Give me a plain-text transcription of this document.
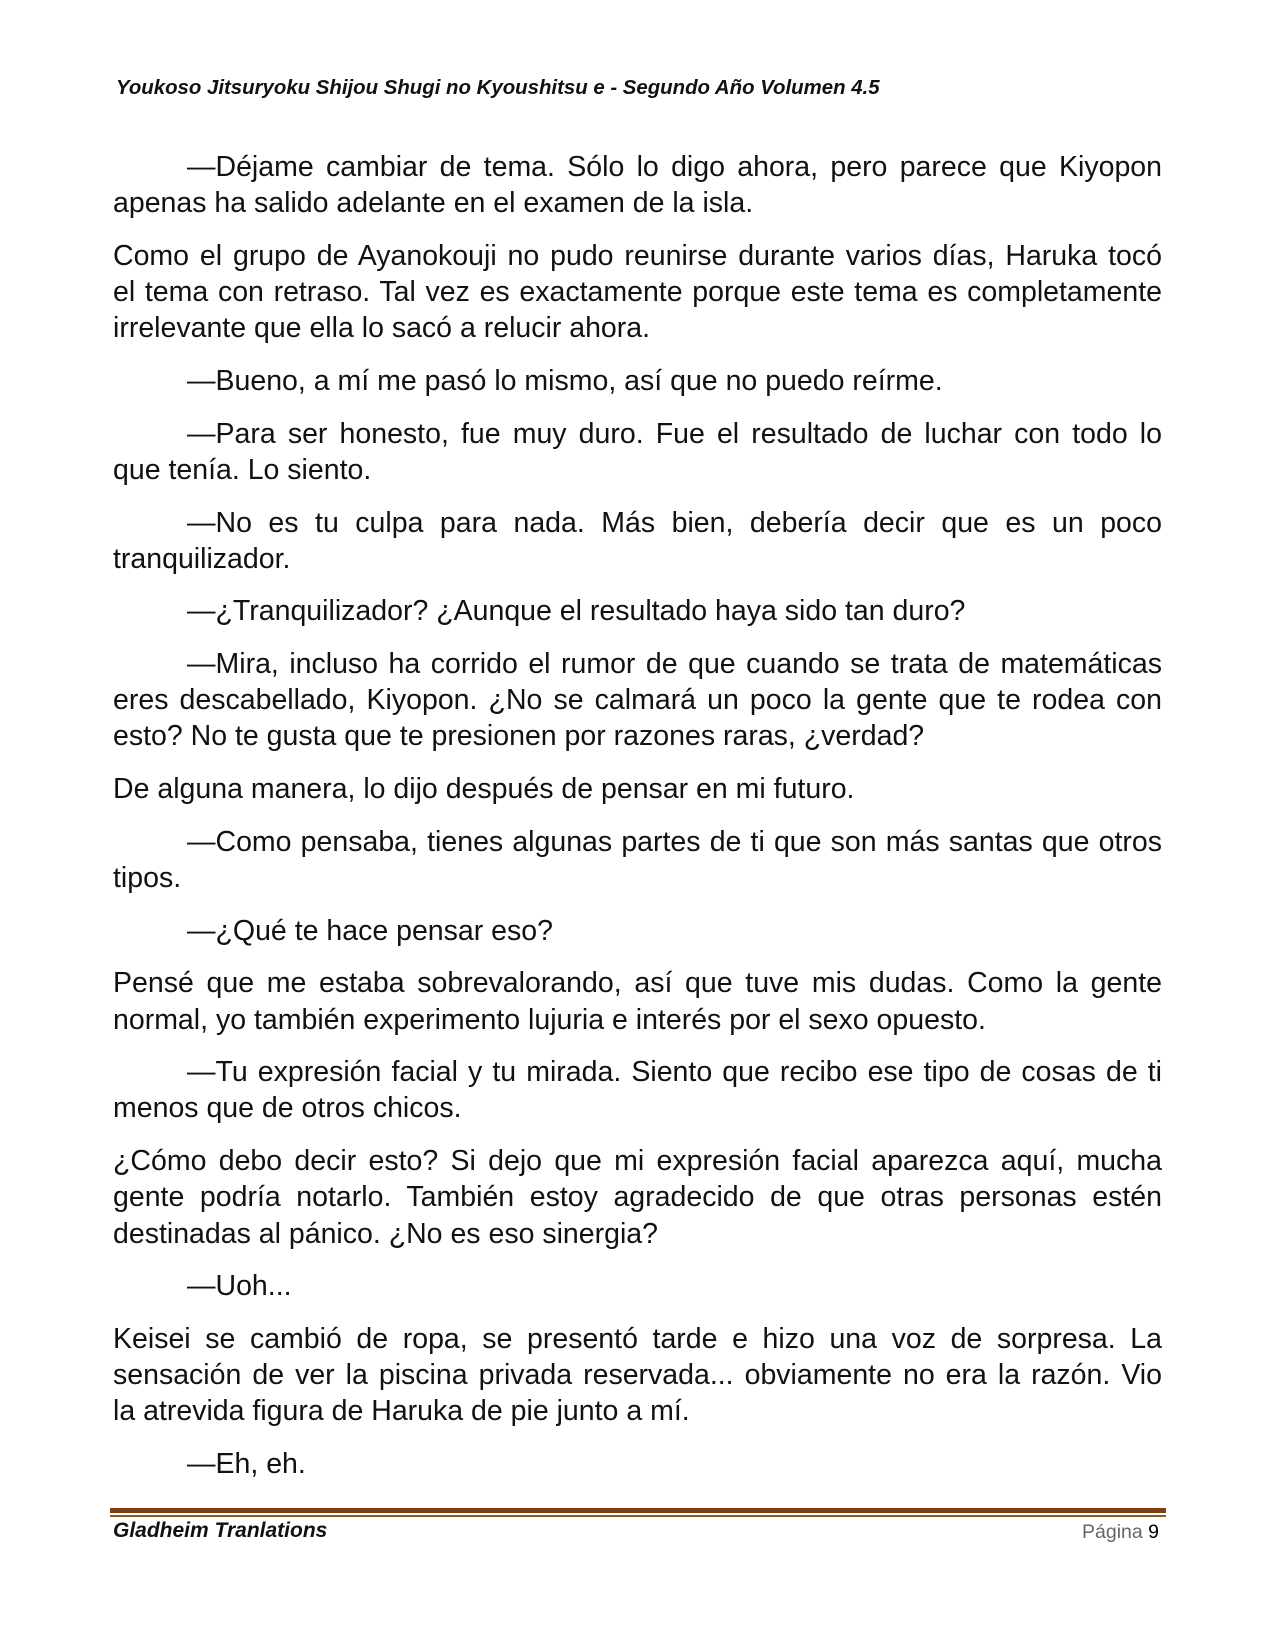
Youkoso Jitsuryoku Shijou Shugi no Kyoushitsu e - Segundo Año Volumen 4.5
—Déjame cambiar de tema. Sólo lo digo ahora, pero parece que Kiyopon
apenas ha salido adelante en el examen de la isla.
Como el grupo de Ayanokouji no pudo reunirse durante varios días, Haruka tocó
el tema con retraso. Tal vez es exactamente porque este tema es completamente
irrelevante que ella lo sacó a relucir ahora.
—Bueno, a mí me pasó lo mismo, así que no puedo reírme.
—Para ser honesto, fue muy duro. Fue el resultado de luchar con todo lo
que tenía. Lo siento.
—No es tu culpa para nada. Más bien, debería decir que es un poco
tranquilizador.
—¿Tranquilizador? ¿Aunque el resultado haya sido tan duro?
—Mira, incluso ha corrido el rumor de que cuando se trata de matemáticas
eres descabellado, Kiyopon. ¿No se calmará un poco la gente que te rodea con
esto? No te gusta que te presionen por razones raras, ¿verdad?
De alguna manera, lo dijo después de pensar en mi futuro.
—Como pensaba, tienes algunas partes de ti que son más santas que otros
tipos.
—¿Qué te hace pensar eso?
Pensé que me estaba sobrevalorando, así que tuve mis dudas. Como la gente
normal, yo también experimento lujuria e interés por el sexo opuesto.
—Tu expresión facial y tu mirada. Siento que recibo ese tipo de cosas de ti
menos que de otros chicos.
¿Cómo debo decir esto? Si dejo que mi expresión facial aparezca aquí, mucha
gente podría notarlo. También estoy agradecido de que otras personas estén
destinadas al pánico. ¿No es eso sinergia?
—Uoh...
Keisei se cambió de ropa, se presentó tarde e hizo una voz de sorpresa. La
sensación de ver la piscina privada reservada... obviamente no era la razón. Vio
la atrevida figura de Haruka de pie junto a mí.
—Eh, eh.
Gladheim Tranlations	Página 9
